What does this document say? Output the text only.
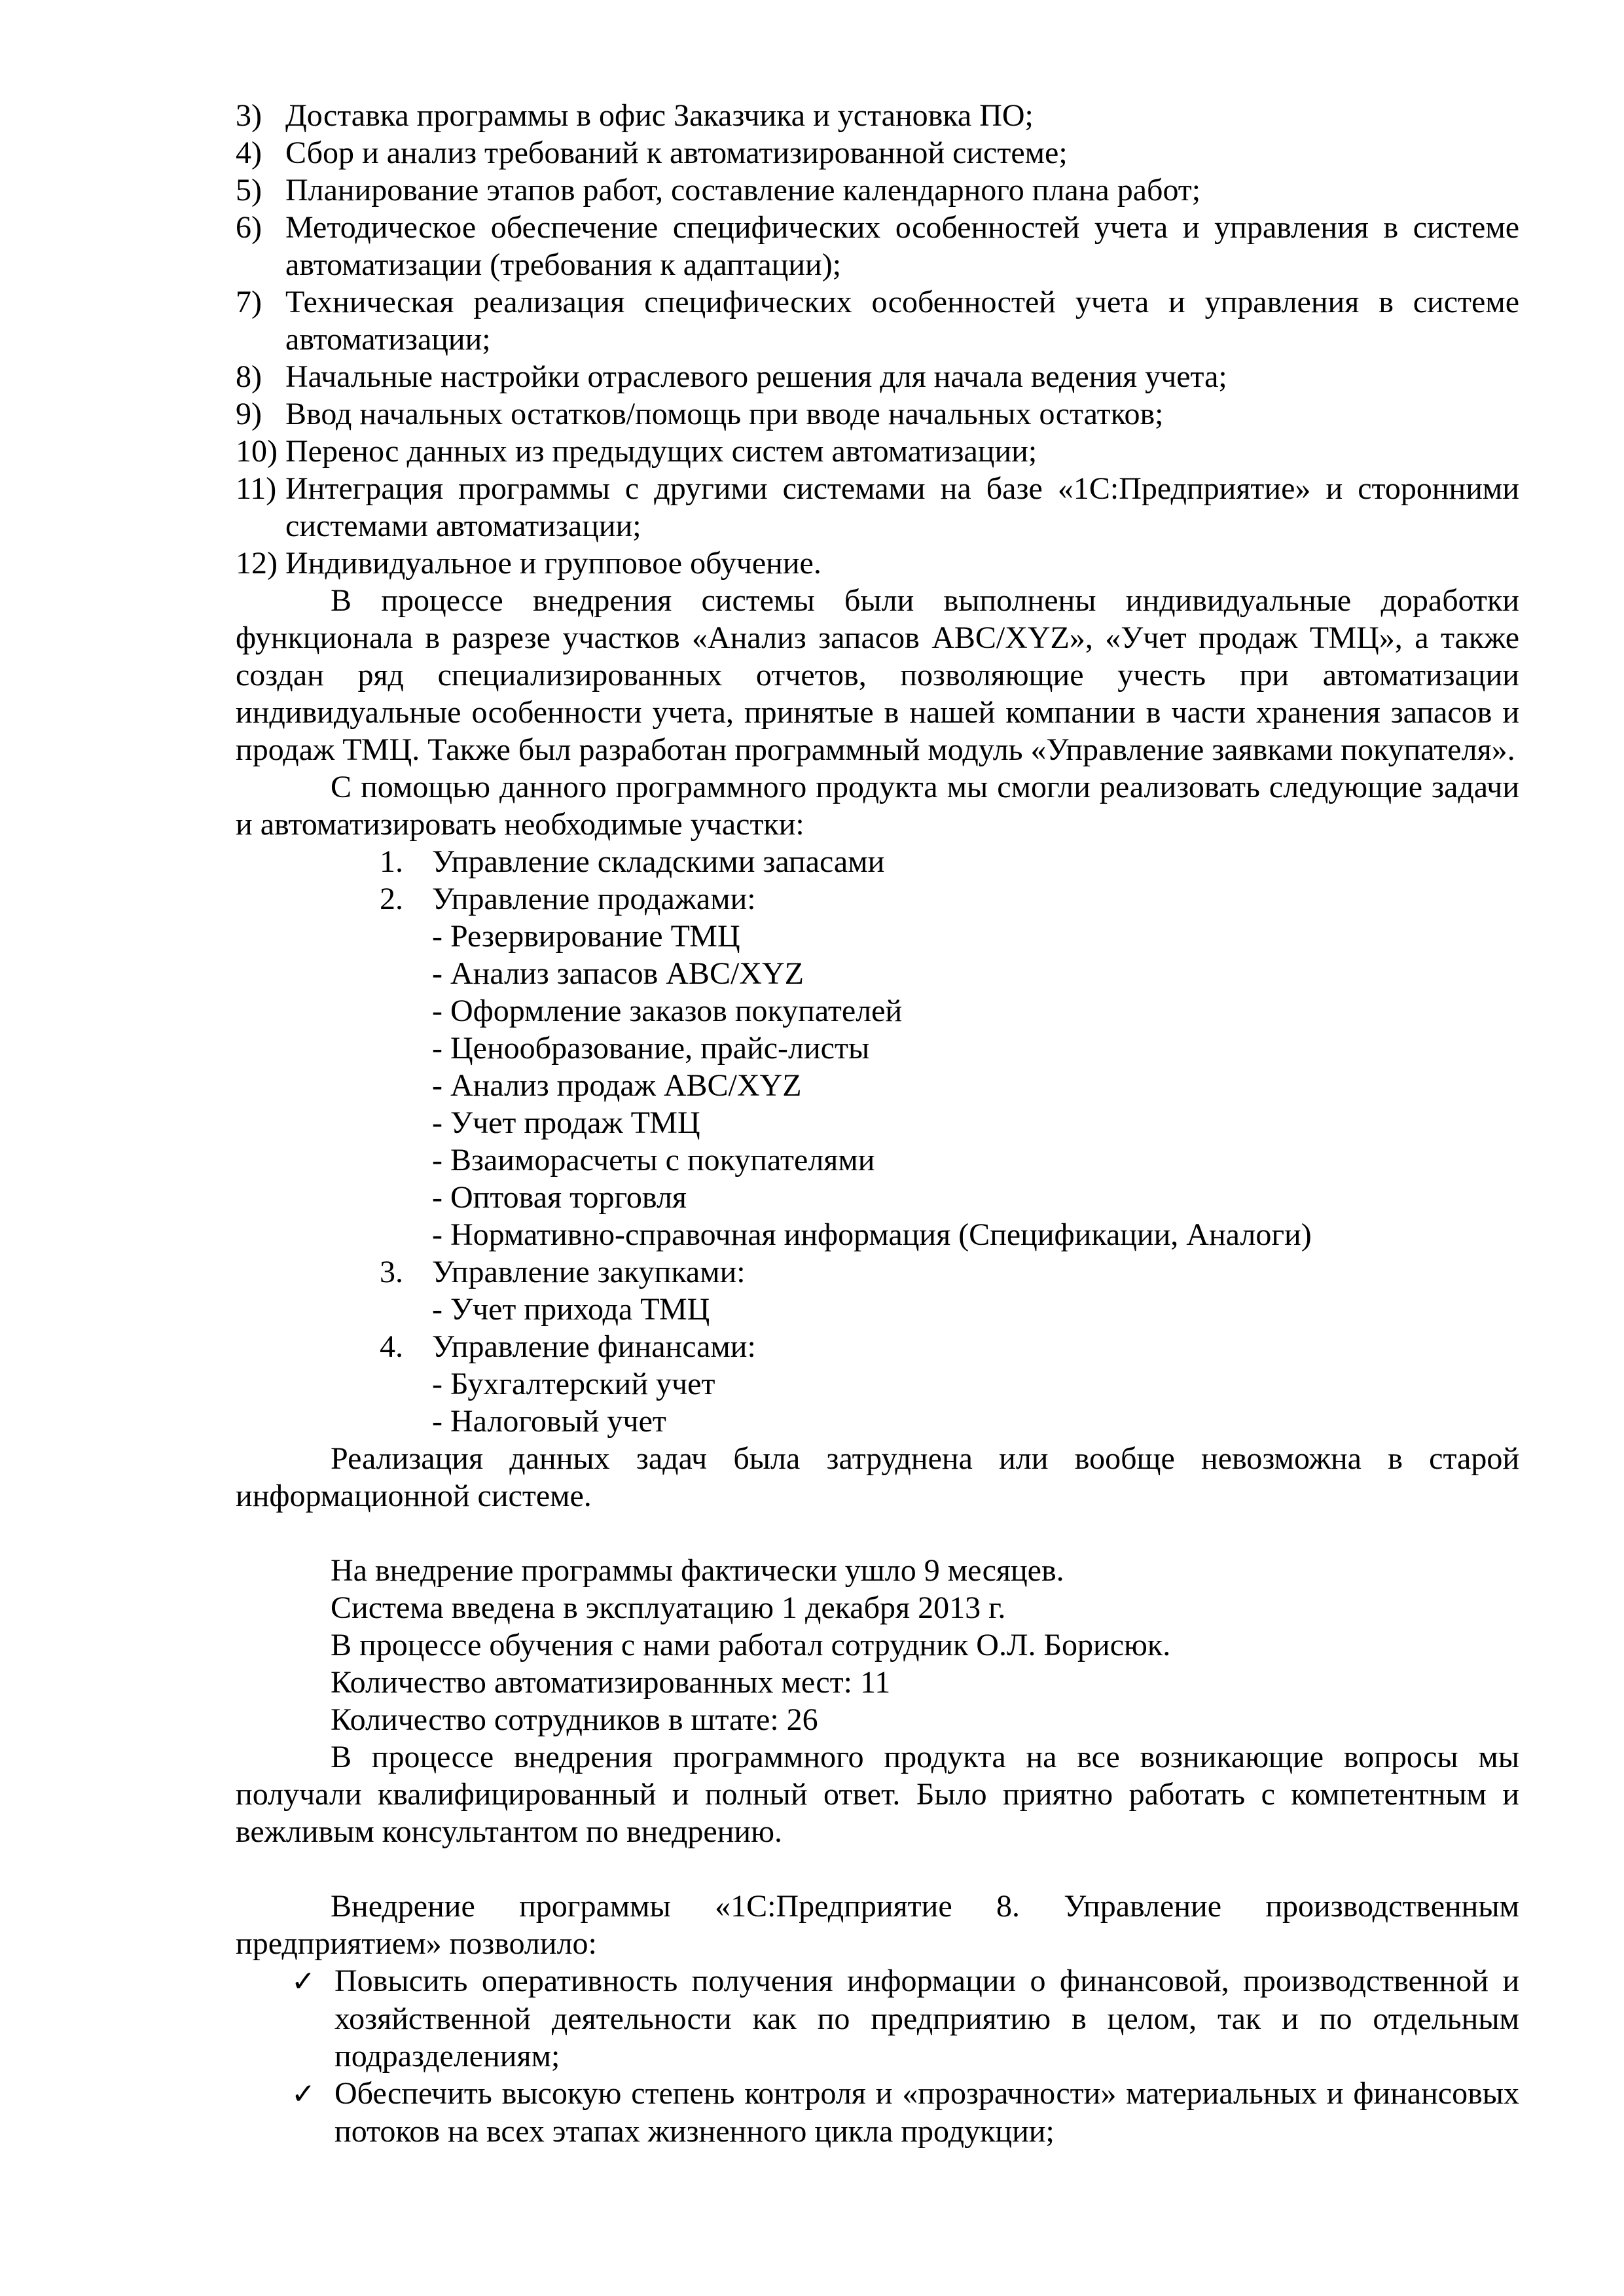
3) Доставка программы в офис Заказчика и установка ПО;
4) Сбор и анализ требований к автоматизированной системе;
5) Планирование этапов работ, составление календарного плана работ;
6) Методическое обеспечение специфических особенностей учета и управления в системе автоматизации (требования к адаптации);
7) Техническая реализация специфических особенностей учета и управления в системе автоматизации;
8) Начальные настройки отраслевого решения для начала ведения учета;
9) Ввод начальных остатков/помощь при вводе начальных остатков;
10) Перенос данных из предыдущих систем автоматизации;
11) Интеграция программы с другими системами на базе «1С:Предприятие» и сторонними системами автоматизации;
12) Индивидуальное и групповое обучение.
В процессе внедрения системы были выполнены индивидуальные доработки функционала в разрезе участков «Анализ запасов ABC/XYZ», «Учет продаж ТМЦ», а также создан ряд специализированных отчетов, позволяющие учесть при автоматизации индивидуальные особенности учета, принятые в нашей компании в части хранения запасов и продаж ТМЦ. Также был разработан программный модуль «Управление заявками покупателя».
С помощью данного программного продукта мы смогли реализовать следующие задачи и автоматизировать необходимые участки:
1. Управление складскими запасами
2. Управление продажами:
- Резервирование ТМЦ
- Анализ запасов ABC/XYZ
- Оформление заказов покупателей
- Ценообразование, прайс-листы
- Анализ продаж ABC/XYZ
- Учет продаж ТМЦ
- Взаиморасчеты с покупателями
- Оптовая торговля
- Нормативно-справочная информация (Спецификации, Аналоги)
3. Управление закупками:
- Учет прихода ТМЦ
4. Управление финансами:
- Бухгалтерский учет
- Налоговый учет
Реализация данных задач была затруднена или вообще невозможна в старой информационной системе.
На внедрение программы фактически ушло 9 месяцев.
Система введена в эксплуатацию 1 декабря 2013 г.
В процессе обучения с нами работал сотрудник О.Л. Борисюк.
Количество автоматизированных мест: 11
Количество сотрудников в штате: 26
В процессе внедрения программного продукта на все возникающие вопросы мы получали квалифицированный и полный ответ. Было приятно работать с компетентным и вежливым консультантом по внедрению.
Внедрение программы «1С:Предприятие 8. Управление производственным предприятием» позволило:
✓ Повысить оперативность получения информации о финансовой, производственной и хозяйственной деятельности как по предприятию в целом, так и по отдельным подразделениям;
✓ Обеспечить высокую степень контроля и «прозрачности» материальных и финансовых потоков на всех этапах жизненного цикла продукции;
